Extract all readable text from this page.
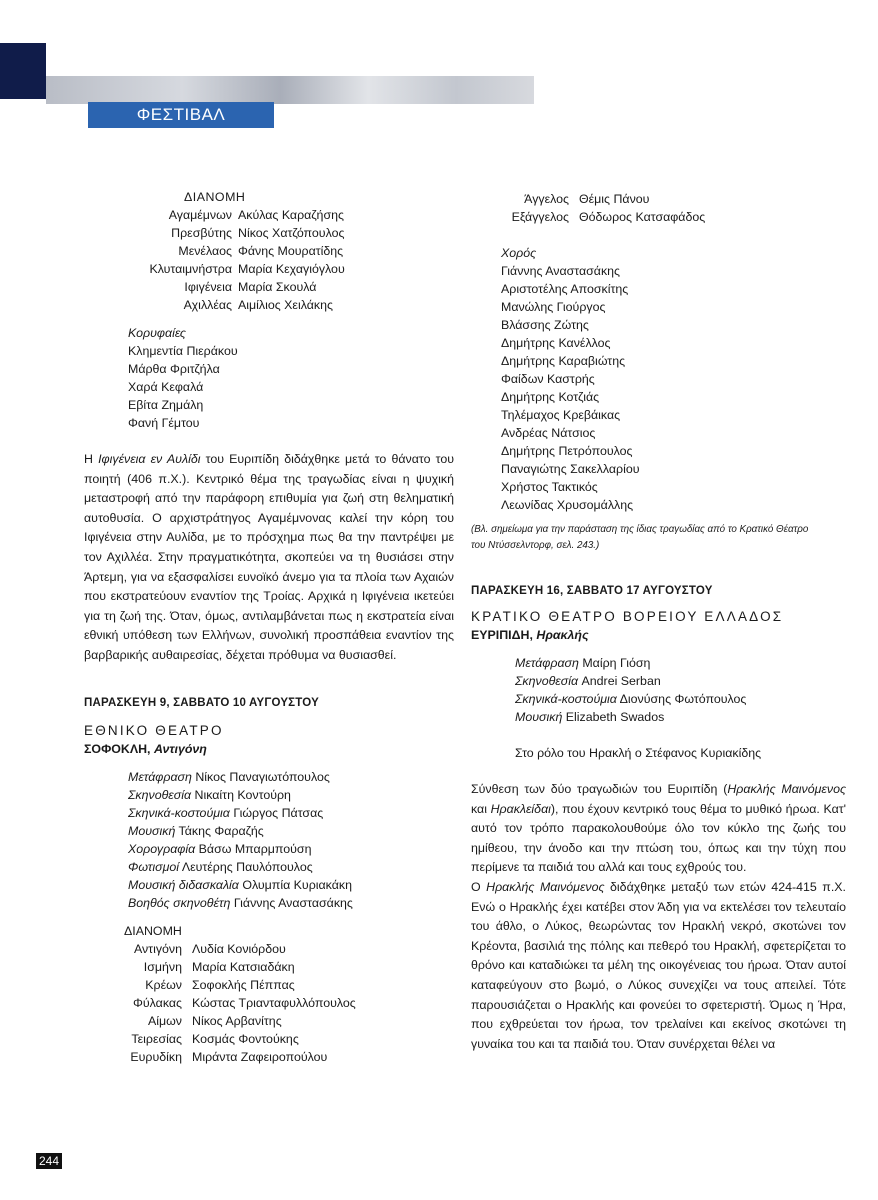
ΦΕΣΤΙΒΑΛ ΕΠΙΔΑΥΡΟΥ
ΔΙΑΝΟΜΗ
Αγαμέμνων Ακύλας Καραζήσης
Πρεσβύτης Νίκος Χατζόπουλος
Μενέλαος Φάνης Μουρατίδης
Κλυταιμνήστρα Μαρία Κεχαγιόγλου
Ιφιγένεια Μαρία Σκουλά
Αχιλλέας Αιμίλιος Χειλάκης
Κορυφαίες
Κλημεντία Πιεράκου
Μάρθα Φριτζήλα
Χαρά Κεφαλά
Εβίτα Ζημάλη
Φανή Γέμτου
Η Ιφιγένεια εν Αυλίδι του Ευριπίδη διδάχθηκε μετά το θάνατο του ποιητή (406 π.Χ.). Κεντρικό θέμα της τραγωδίας είναι η ψυχική μεταστροφή από την παράφορη επιθυμία για ζωή στη θεληματική αυτοθυσία. Ο αρχιστράτηγος Αγαμέμνονας καλεί την κόρη του Ιφιγένεια στην Αυλίδα, με το πρόσχημα πως θα την παντρέψει με τον Αχιλλέα. Στην πραγματικότητα, σκοπεύει να τη θυσιάσει στην Άρτεμη, για να εξασφαλίσει ευνοϊκό άνεμο για τα πλοία των Αχαιών που εκστρατεύουν εναντίον της Τροίας. Αρχικά η Ιφιγένεια ικετεύει για τη ζωή της. Όταν, όμως, αντιλαμβάνεται πως η εκστρατεία είναι εθνική υπόθεση των Ελλήνων, συνολική προσπάθεια εναντίον της βαρβαρικής αυθαιρεσίας, δέχεται πρόθυμα να θυσιασθεί.
ΠΑΡΑΣΚΕΥΗ 9, ΣΑΒΒΑΤΟ 10 ΑΥΓΟΥΣΤΟΥ
ΕΘΝΙΚΟ ΘΕΑΤΡΟ
ΣΟΦΟΚΛΗ, Αντιγόνη
Μετάφραση Νίκος Παναγιωτόπουλος
Σκηνοθεσία Νικαίτη Κοντούρη
Σκηνικά-κοστούμια Γιώργος Πάτσας
Μουσική Τάκης Φαραζής
Χορογραφία Βάσω Μπαρμπούση
Φωτισμοί Λευτέρης Παυλόπουλος
Μουσική διδασκαλία Ολυμπία Κυριακάκη
Βοηθός σκηνοθέτη Γιάννης Αναστασάκης
ΔΙΑΝΟΜΗ
Αντιγόνη Λυδία Κονιόρδου
Ισμήνη Μαρία Κατσιαδάκη
Κρέων Σοφοκλής Πέππας
Φύλακας Κώστας Τριανταφυλλόπουλος
Αίμων Νίκος Αρβανίτης
Τειρεσίας Κοσμάς Φοντούκης
Ευρυδίκη Μιράντα Ζαφειροπούλου
Άγγελος Θέμις Πάνου
Εξάγγελος Θόδωρος Κατσαφάδος
Χορός
Γιάννης Αναστασάκης
Αριστοτέλης Αποσκίτης
Μανώλης Γιούργος
Βλάσσης Ζώτης
Δημήτρης Κανέλλος
Δημήτρης Καραβιώτης
Φαίδων Καστρής
Δημήτρης Κοτζιάς
Τηλέμαχος Κρεβάικας
Ανδρέας Νάτσιος
Δημήτρης Πετρόπουλος
Παναγιώτης Σακελλαρίου
Χρήστος Τακτικός
Λεωνίδας Χρυσομάλλης
(Βλ. σημείωμα για την παράσταση της ίδιας τραγωδίας από το Κρατικό Θέατρο
του Ντύσσελντορφ, σελ. 243.)
ΠΑΡΑΣΚΕΥΗ 16, ΣΑΒΒΑΤΟ 17 ΑΥΓΟΥΣΤΟΥ
ΚΡΑΤΙΚΟ ΘΕΑΤΡΟ ΒΟΡΕΙΟΥ ΕΛΛΑΔΟΣ
ΕΥΡΙΠΙΔΗ, Ηρακλής
Μετάφραση Μαίρη Γιόση
Σκηνοθεσία Andrei Serban
Σκηνικά-κοστούμια Διονύσης Φωτόπουλος
Μουσική Elizabeth Swados
Στο ρόλο του Ηρακλή ο Στέφανος Κυριακίδης
Σύνθεση των δύο τραγωδιών του Ευριπίδη (Ηρακλής Μαινόμενος και Ηρακλείδαι), που έχουν κεντρικό τους θέμα το μυθικό ήρωα. Κατ' αυτό τον τρόπο παρακολουθούμε όλο τον κύκλο της ζωής του ημίθεου, την άνοδο και την πτώση του, όπως και την τύχη που περίμενε τα παιδιά του αλλά και τους εχθρούς του.
Ο Ηρακλής Μαινόμενος διδάχθηκε μεταξύ των ετών 424-415 π.Χ. Ενώ ο Ηρακλής έχει κατέβει στον Άδη για να εκτελέσει τον τελευταίο του άθλο, ο Λύκος, θεωρώντας τον Ηρακλή νεκρό, σκοτώνει τον Κρέοντα, βασιλιά της πόλης και πεθερό του Ηρακλή, σφετερίζεται το θρόνο και καταδιώκει τα μέλη της οικογένειας του ήρωα. Όταν αυτοί καταφεύγουν στο βωμό, ο Λύκος συνεχίζει να τους απειλεί. Τότε παρουσιάζεται ο Ηρακλής και φονεύει το σφετεριστή. Όμως η Ήρα, που εχθρεύεται τον ήρωα, τον τρελαίνει και εκείνος σκοτώνει τη γυναίκα του και τα παιδιά του. Όταν συνέρχεται θέλει να
244
